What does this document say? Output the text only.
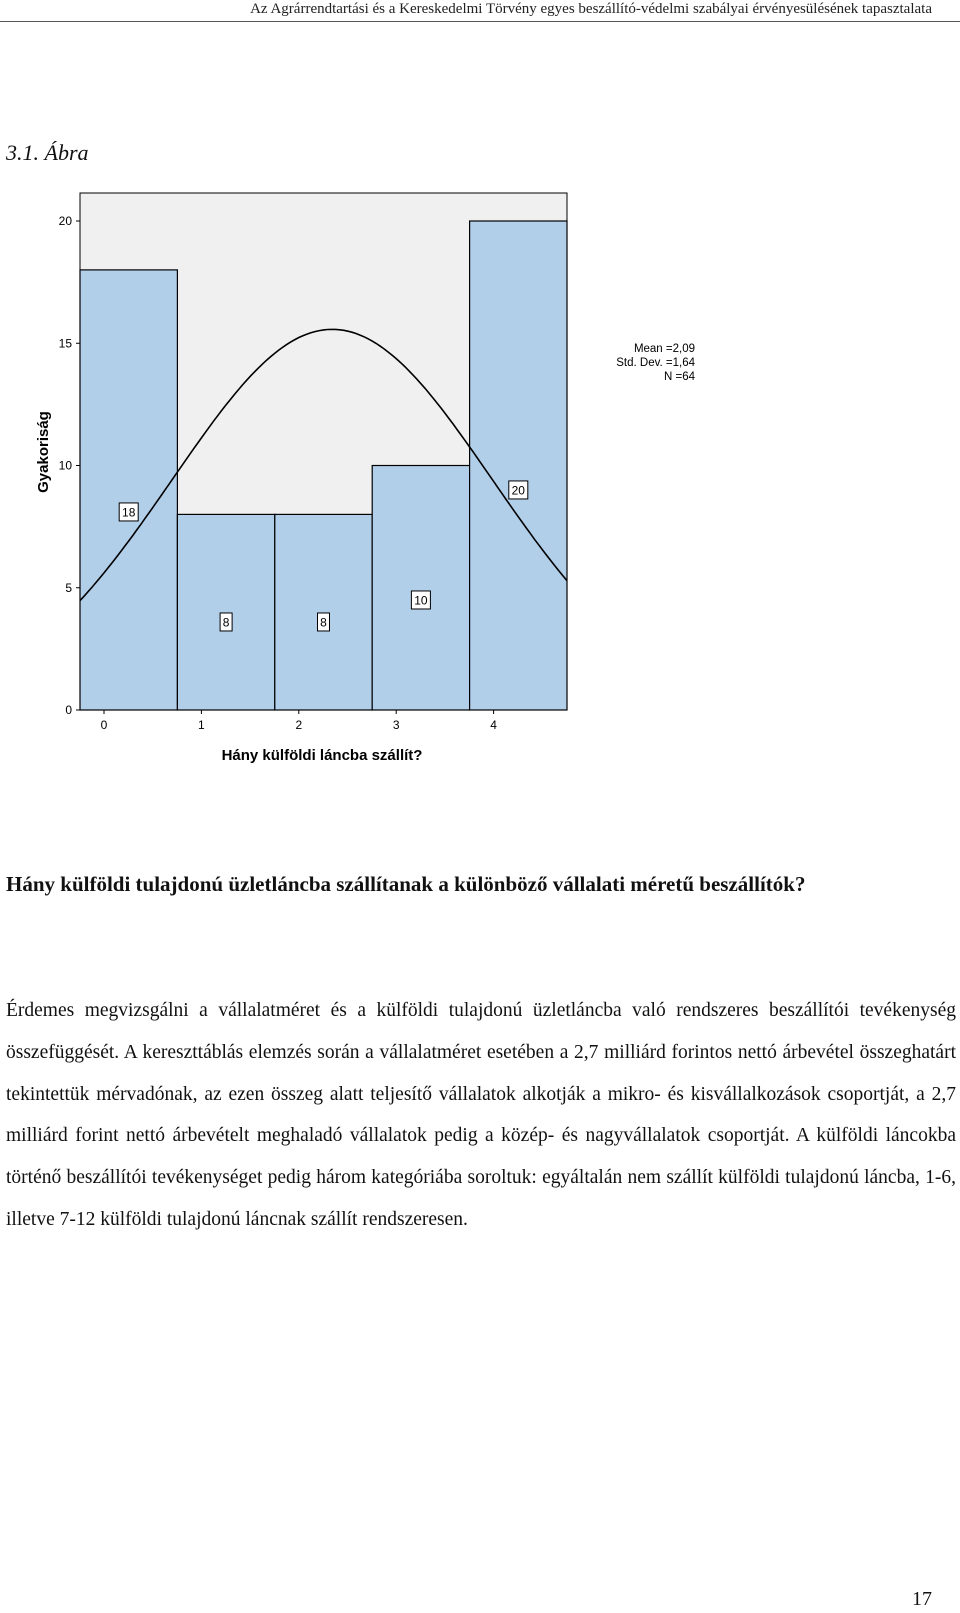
Az Agrárrendtartási és a Kereskedelmi Törvény egyes beszállító-védelmi szabályai érvényesülésének tapasztalata
3.1. Ábra
18
8	8
10
20
0
5
10
15
20
0	1	2	3	4
Gyakoriság
Hány külföldi láncba szállít?
Mean =2,09
Std. Dev. =1,64
N =64
Hány külföldi tulajdonú üzletláncba szállítanak a különböző vállalati méretű beszállítók?

Érdemes megvizsgálni a vállalatméret és a külföldi tulajdonú üzletláncba való rendszeres beszállítói tevékenység összefüggését. A kereszttáblás elemzés során a vállalatméret esetében a 2,7 milliárd forintos nettó árbevétel összeghatárt tekintettük mérvadónak, az ezen összeg alatt teljesítő vállalatok alkotják a mikro- és kisvállalkozások csoportját, a 2,7 milliárd forint nettó árbevételt meghaladó vállalatok pedig a közép- és nagyvállalatok csoportját. A külföldi láncokba történő beszállítói tevékenységet pedig három kategóriába soroltuk: egyáltalán nem szállít külföldi tulajdonú láncba, 1-6, illetve 7-12 külföldi tulajdonú láncnak szállít rendszeresen.

17
